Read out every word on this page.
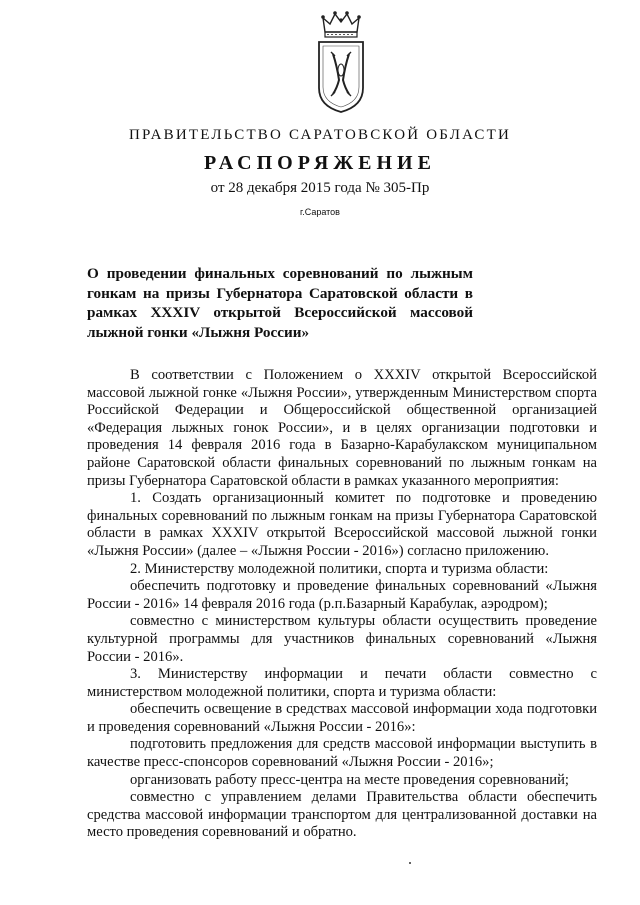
ПРАВИТЕЛЬСТВО САРАТОВСКОЙ ОБЛАСТИ
РАСПОРЯЖЕНИЕ
от 28 декабря 2015 года № 305-Пр
г.Саратов
О проведении финальных соревнований по лыжным гонкам на призы Губернатора Саратовской области в рамках XXXIV открытой Всероссийской массовой лыжной гонки «Лыжня России»

В соответствии с Положением о XXXIV открытой Всероссийской массовой лыжной гонке «Лыжня России», утвержденным Министерством спорта Российской Федерации и Общероссийской общественной организацией «Федерация лыжных гонок России», и в целях организации подготовки и проведения 14 февраля 2016 года в Базарно-Карабулакском муниципальном районе Саратовской области финальных соревнований по лыжным гонкам на призы Губернатора Саратовской области в рамках указанного мероприятия:

1. Создать организационный комитет по подготовке и проведению финальных соревнований по лыжным гонкам на призы Губернатора Саратовской области в рамках XXXIV открытой Всероссийской массовой лыжной гонки «Лыжня России» (далее – «Лыжня России - 2016») согласно приложению.

2. Министерству молодежной политики, спорта и туризма области:

обеспечить подготовку и проведение финальных соревнований «Лыжня России - 2016» 14 февраля 2016 года (р.п.Базарный Карабулак, аэродром);

совместно с министерством культуры области осуществить проведение культурной программы для участников финальных соревнований «Лыжня России - 2016».

3. Министерству информации и печати области совместно с министерством молодежной политики, спорта и туризма области:

обеспечить освещение в средствах массовой информации хода подготовки и проведения соревнований «Лыжня России - 2016»:

подготовить предложения для средств массовой информации выступить в качестве пресс-спонсоров соревнований «Лыжня России - 2016»;

организовать работу пресс-центра на месте проведения соревнований;

совместно с управлением делами Правительства области обеспечить средства массовой информации транспортом для централизованной доставки на место проведения соревнований и обратно.
